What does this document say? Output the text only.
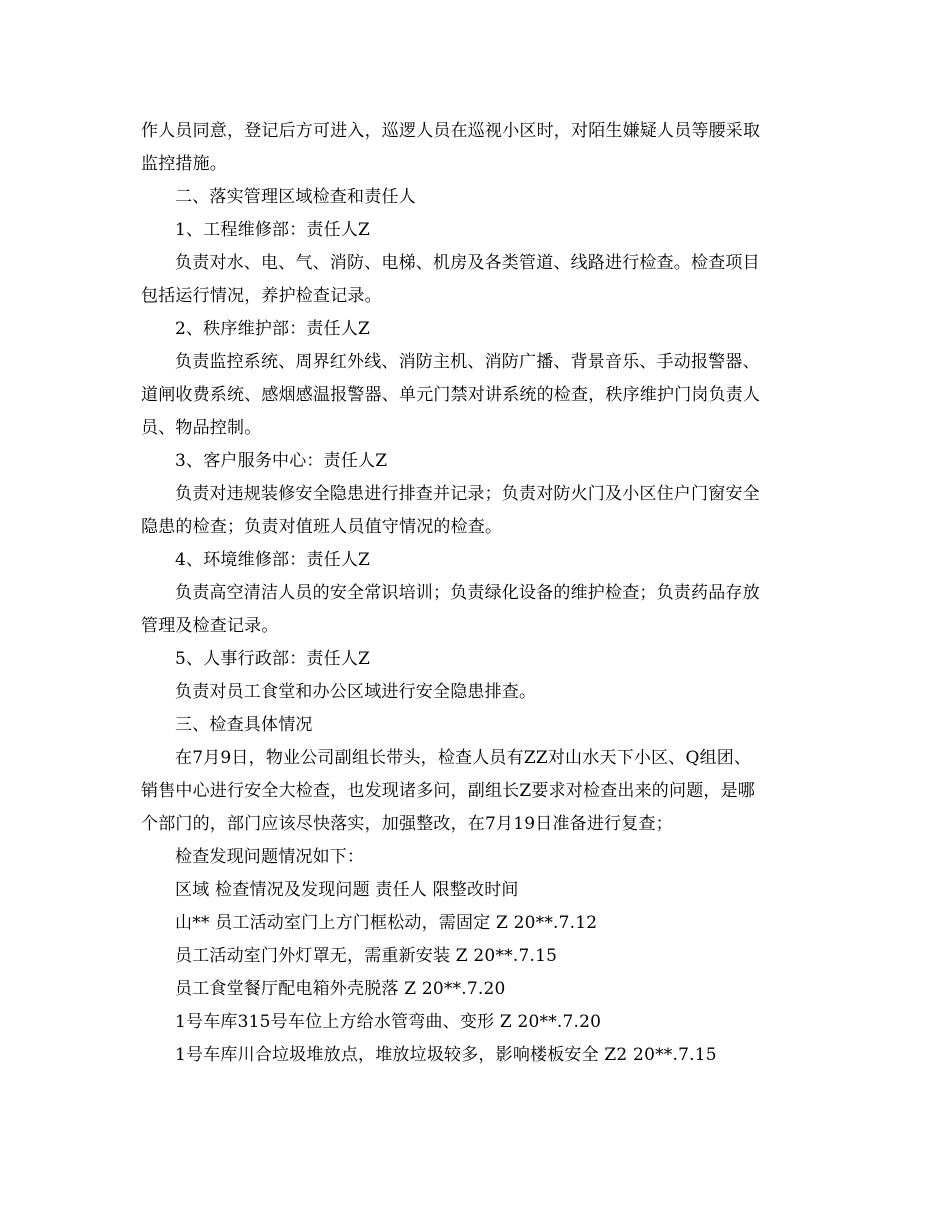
作人员同意，登记后方可进入，巡逻人员在巡视小区时，对陌生嫌疑人员等腰采取
监控措施。
二、落实管理区域检查和责任人
1、工程维修部：责任人Z
负责对水、电、气、消防、电梯、机房及各类管道、线路进行检查。检查项目
包括运行情况，养护检查记录。
2、秩序维护部：责任人Z
负责监控系统、周界红外线、消防主机、消防广播、背景音乐、手动报警器、
道闸收费系统、感烟感温报警器、单元门禁对讲系统的检查，秩序维护门岗负责人
员、物品控制。
3、客户服务中心：责任人Z
负责对违规装修安全隐患进行排查并记录；负责对防火门及小区住户门窗安全
隐患的检查；负责对值班人员值守情况的检查。
4、环境维修部：责任人Z
负责高空清洁人员的安全常识培训；负责绿化设备的维护检查；负责药品存放
管理及检查记录。
5、人事行政部：责任人Z
负责对员工食堂和办公区域进行安全隐患排查。
三、检查具体情况
在7月9日，物业公司副组长带头，检查人员有ZZ对山水天下小区、Q组团、
销售中心进行安全大检查，也发现诸多问，副组长Z要求对检查出来的问题，是哪
个部门的，部门应该尽快落实，加强整改，在7月19日准备进行复查；
检查发现问题情况如下：
区域 检查情况及发现问题 责任人 限整改时间
山** 员工活动室门上方门框松动，需固定 Z 20**.7.12
员工活动室门外灯罩无，需重新安装 Z 20**.7.15
员工食堂餐厅配电箱外壳脱落 Z 20**.7.20
1号车库315号车位上方给水管弯曲、变形 Z 20**.7.20
1号车库川合垃圾堆放点，堆放垃圾较多，影响楼板安全 Z2 20**.7.15
